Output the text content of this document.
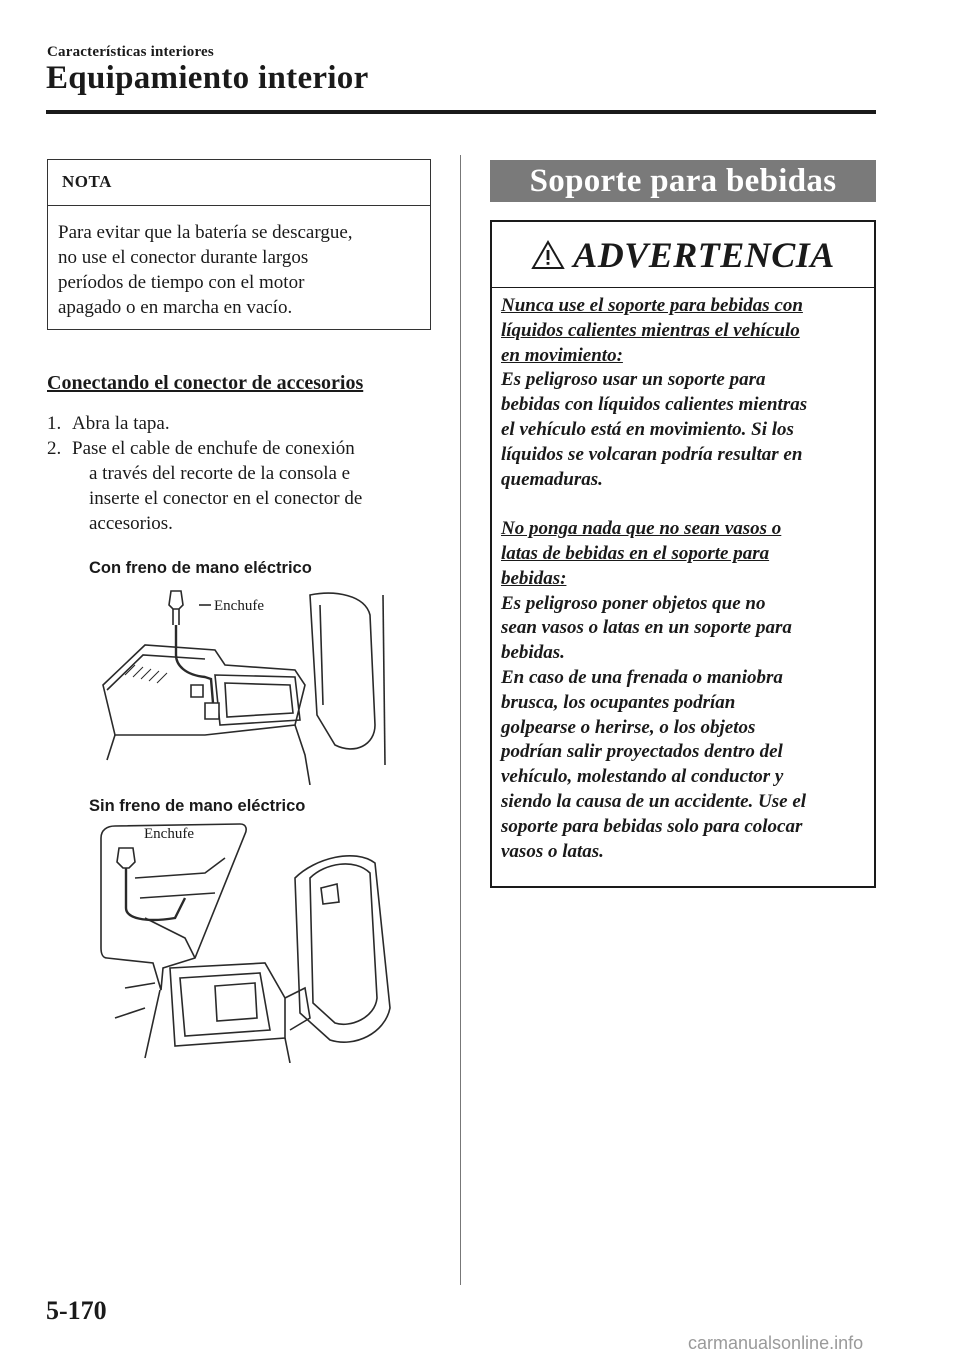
Características interiores
Equipamiento interior
NOTA
Para evitar que la batería se descargue,
no use el conector durante largos
períodos de tiempo con el motor
apagado o en marcha en vacío.
Conectando el conector de accesorios
1. Abra la tapa.
2. Pase el cable de enchufe de conexión
a través del recorte de la consola e
inserte el conector en el conector de
accesorios.
Con freno de mano eléctrico
Enchufe
Sin freno de mano eléctrico
Enchufe
Soporte para bebidas
ADVERTENCIA

Nunca use el soporte para bebidas con

líquidos calientes mientras el vehículo

en movimiento:

Es peligroso usar un soporte para

bebidas con líquidos calientes mientras

el vehículo está en movimiento. Si los

líquidos se volcaran podría resultar en

quemaduras.

No ponga nada que no sean vasos o

latas de bebidas en el soporte para

bebidas:

Es peligroso poner objetos que no

sean vasos o latas en un soporte para

bebidas.

En caso de una frenada o maniobra

brusca, los ocupantes podrían

golpearse o herirse, o los objetos

podrían salir proyectados dentro del

vehículo, molestando al conductor y

siendo la causa de un accidente. Use el

soporte para bebidas solo para colocar

vasos o latas.

5-170
carmanualsonline.info
